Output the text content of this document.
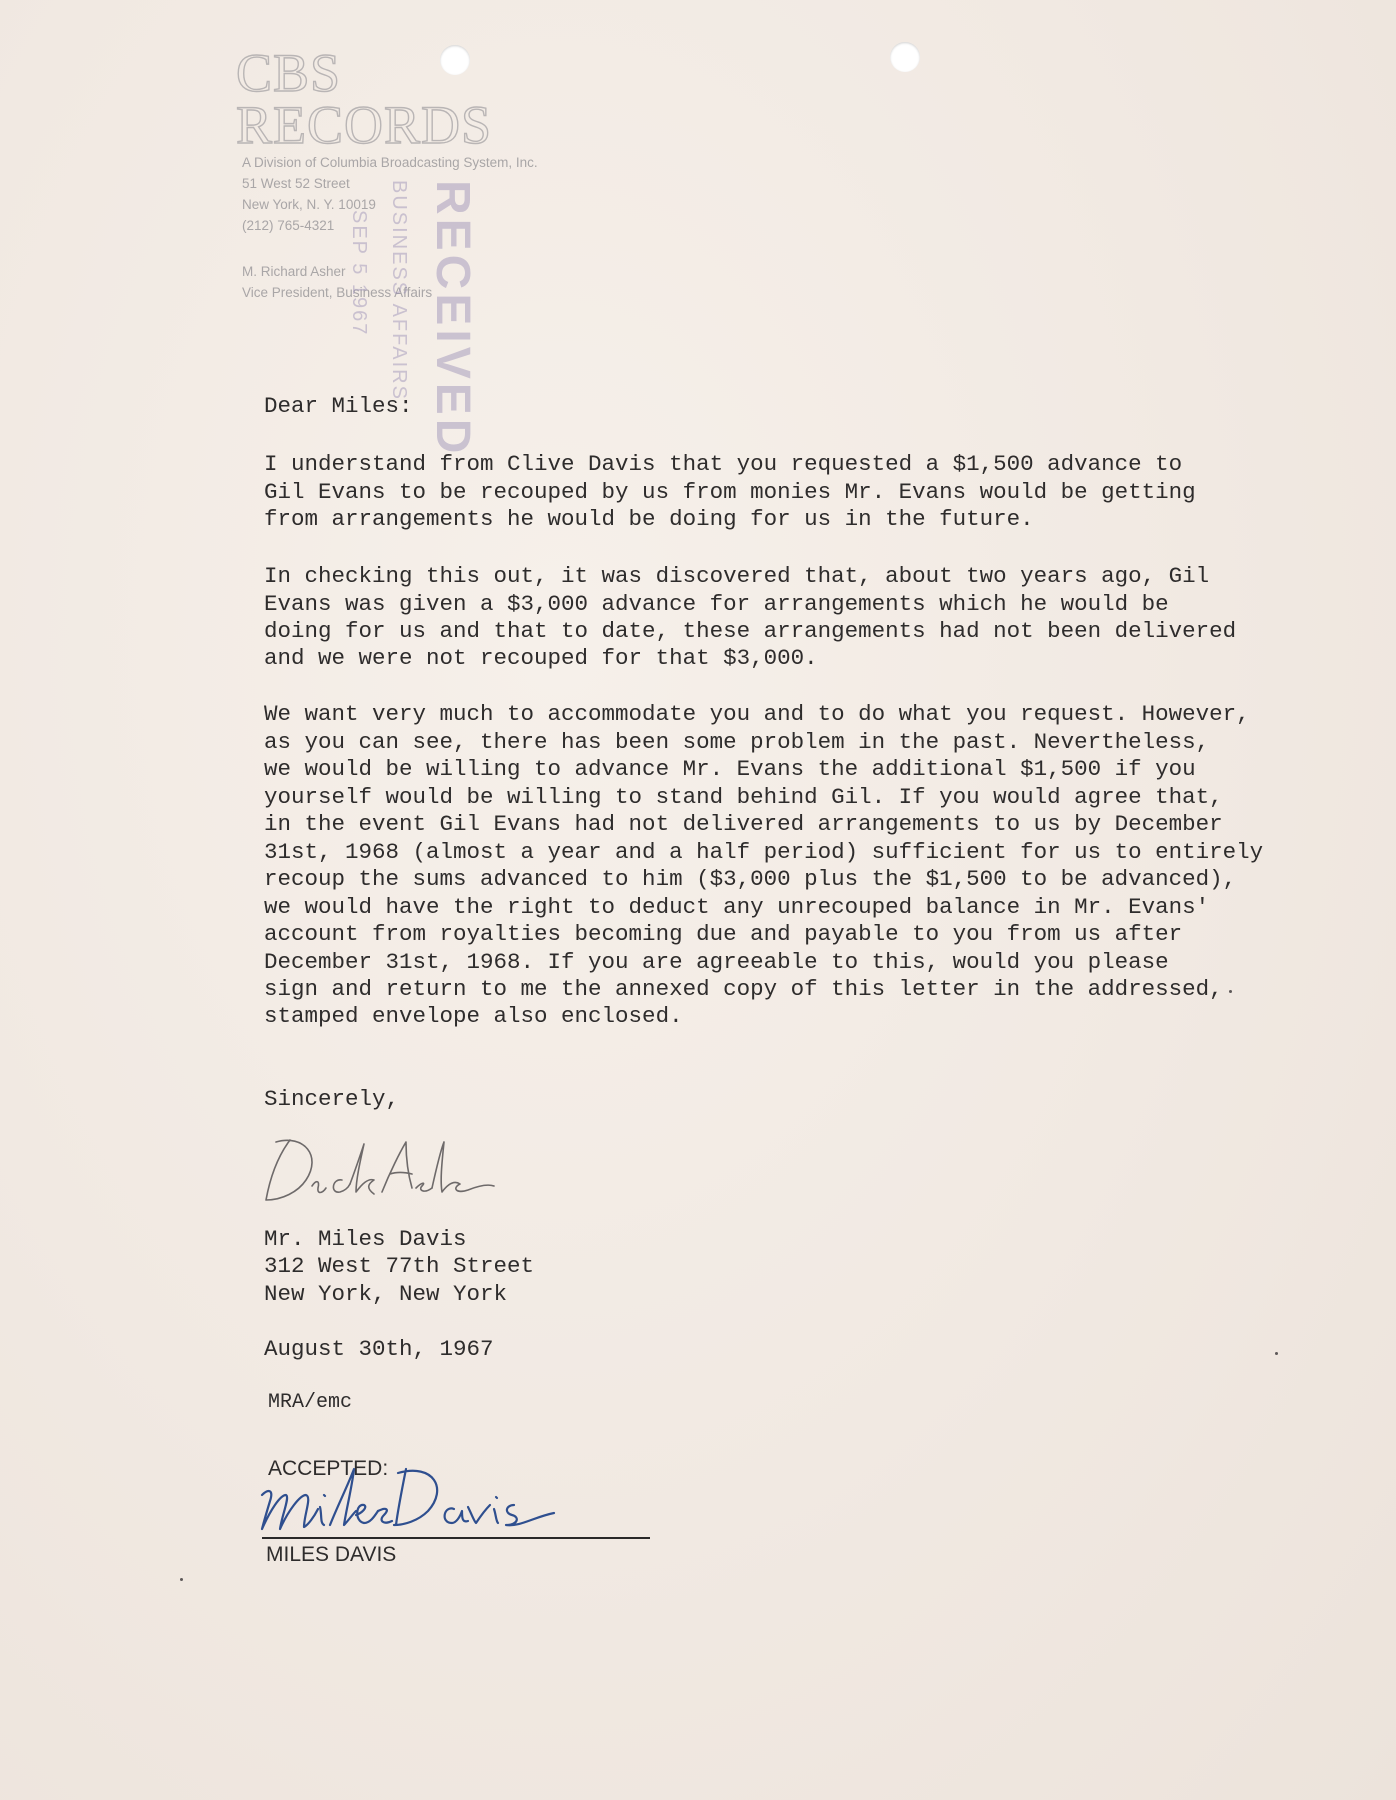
CBS
RECORDS
A Division of Columbia Broadcasting System, Inc.
51 West 52 Street
New York, N. Y. 10019
(212) 765-4321
M. Richard Asher
Vice President, Business Affairs
RECEIVED
BUSINESS AFFAIRS
SEP 5 1967
Dear Miles:
I understand from Clive Davis that you requested a $1,500 advance to
Gil Evans to be recouped by us from monies Mr. Evans would be getting
from arrangements he would be doing for us in the future.
In checking this out, it was discovered that, about two years ago, Gil
Evans was given a $3,000 advance for arrangements which he would be
doing for us and that to date, these arrangements had not been delivered
and we were not recouped for that $3,000.
We want very much to accommodate you and to do what you request. However,
as you can see, there has been some problem in the past. Nevertheless,
we would be willing to advance Mr. Evans the additional $1,500 if you
yourself would be willing to stand behind Gil. If you would agree that,
in the event Gil Evans had not delivered arrangements to us by December
31st, 1968 (almost a year and a half period) sufficient for us to entirely
recoup the sums advanced to him ($3,000 plus the $1,500 to be advanced),
we would have the right to deduct any unrecouped balance in Mr. Evans'
account from royalties becoming due and payable to you from us after
December 31st, 1968. If you are agreeable to this, would you please
sign and return to me the annexed copy of this letter in the addressed,
stamped envelope also enclosed.
Sincerely,
Mr. Miles Davis
312 West 77th Street
New York, New York
August 30th, 1967
MRA/emc
ACCEPTED:
MILES DAVIS
